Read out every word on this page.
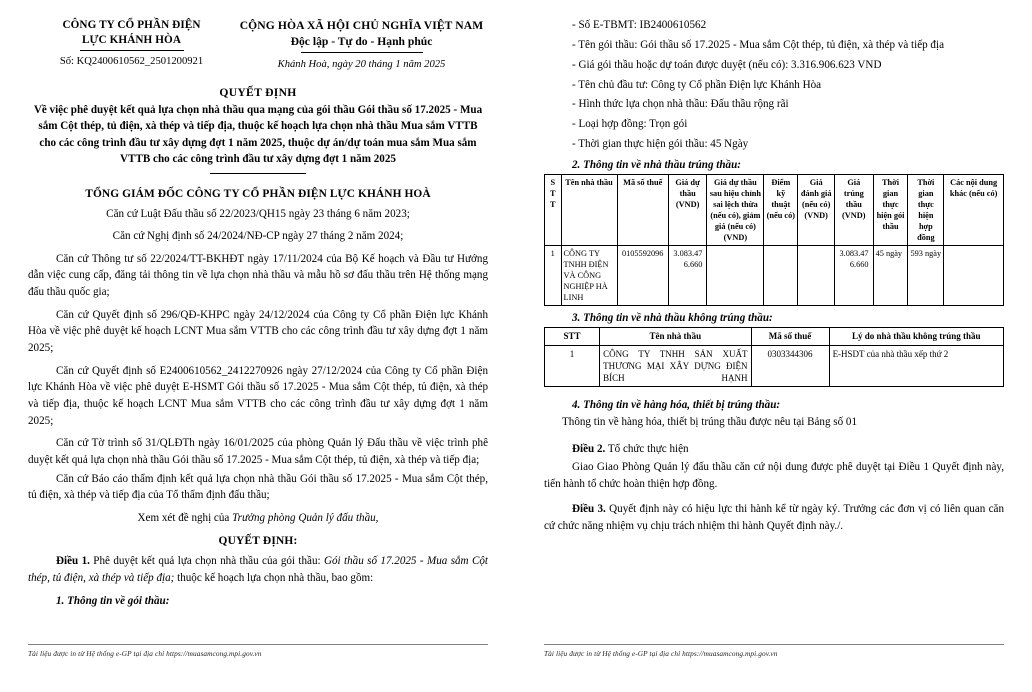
CÔNG TY CỔ PHẦN ĐIỆN
LỰC KHÁNH HÒA
Số: KQ2400610562_2501200921
CỘNG HÒA XÃ HỘI CHỦ NGHĨA VIỆT NAM
Độc lập - Tự do - Hạnh phúc
Khánh Hoà, ngày 20 tháng 1 năm 2025
QUYẾT ĐỊNH
Về việc phê duyệt kết quả lựa chọn nhà thầu qua mạng của gói thầu Gói thầu số 17.2025 - Mua sắm Cột thép, tủ điện, xà thép và tiếp địa, thuộc kế hoạch lựa chọn nhà thầu Mua sắm VTTB cho các công trình đầu tư xây dựng đợt 1 năm 2025, thuộc dự án/dự toán mua sắm Mua sắm VTTB cho các công trình đầu tư xây dựng đợt 1 năm 2025
TỔNG GIÁM ĐỐC CÔNG TY CỔ PHẦN ĐIỆN LỰC KHÁNH HOÀ

Căn cứ Luật Đấu thầu số 22/2023/QH15 ngày 23 tháng 6 năm 2023;

Căn cứ Nghị định số 24/2024/NĐ-CP ngày 27 tháng 2 năm 2024;

Căn cứ Thông tư số 22/2024/TT-BKHĐT ngày 17/11/2024 của Bộ Kế hoạch và Đầu tư Hướng dẫn việc cung cấp, đăng tải thông tin về lựa chọn nhà thầu và mẫu hồ sơ đấu thầu trên Hệ thống mạng đấu thầu quốc gia;

Căn cứ Quyết định số 296/QĐ-KHPC ngày 24/12/2024 của Công ty Cổ phần Điện lực Khánh Hòa về việc phê duyệt kế hoạch LCNT Mua sắm VTTB cho các công trình đầu tư xây dựng đợt 1 năm 2025;

Căn cứ Quyết định số E2400610562_2412270926 ngày 27/12/2024 của Công ty Cổ phần Điện lực Khánh Hòa về việc phê duyệt E-HSMT Gói thầu số 17.2025 - Mua sắm Cột thép, tủ điện, xà thép và tiếp địa, thuộc kế hoạch LCNT Mua sắm VTTB cho các công trình đầu tư xây dựng đợt 1 năm 2025;

Căn cứ Tờ trình số 31/QLĐTh ngày 16/01/2025 của phòng Quản lý Đấu thầu về việc trình phê duyệt kết quả lựa chọn nhà thầu Gói thầu số 17.2025 - Mua sắm Cột thép, tủ điện, xà thép và tiếp địa;

Căn cứ Báo cáo thẩm định kết quả lựa chọn nhà thầu Gói thầu số 17.2025 - Mua sắm Cột thép, tủ điện, xà thép và tiếp địa của Tổ thẩm định đấu thầu;

Xem xét đề nghị của Trưởng phòng Quản lý đấu thầu,

QUYẾT ĐỊNH:

Điều 1. Phê duyệt kết quả lựa chọn nhà thầu của gói thầu: Gói thầu số 17.2025 - Mua sắm Cột thép, tủ điện, xà thép và tiếp địa; thuộc kế hoạch lựa chọn nhà thầu, bao gồm:

1. Thông tin về gói thầu:

Tài liệu được in từ Hệ thống e-GP tại địa chỉ https://muasamcong.mpi.gov.vn

- Số E-TBMT: IB2400610562

- Tên gói thầu: Gói thầu số 17.2025 - Mua sắm Cột thép, tủ điện, xà thép và tiếp địa

- Giá gói thầu hoặc dự toán được duyệt (nếu có): 3.316.906.623 VND

- Tên chủ đầu tư: Công ty Cổ phần Điện lực Khánh Hòa

- Hình thức lựa chọn nhà thầu: Đấu thầu rộng rãi

- Loại hợp đồng: Trọn gói

- Thời gian thực hiện gói thầu: 45 Ngày

2. Thông tin về nhà thầu trúng thầu:

S T T	Tên nhà thầu	Mã số thuế	Giá dự thầu (VND)	Giá dự thầu sau hiệu chỉnh sai lệch thừa (nếu có), giảm giá (nếu có) (VND)	Điểm kỹ thuật (nếu có)	Giá đánh giá (nếu có) (VND)	Giá trúng thầu (VND)	Thời gian thực hiện gói thầu	Thời gian thực hiện hợp đồng	Các nội dung khác (nếu có)
1	CÔNG TY TNHH ĐIỆN VÀ CÔNG NGHIỆP HÀ LINH	0105592096	3.083.476.660				3.083.476.660	45 ngày	593 ngày	

3. Thông tin về nhà thầu không trúng thầu:

STT	Tên nhà thầu	Mã số thuế	Lý do nhà thầu không trúng thầu
1	CÔNG TY TNHH SẢN XUẤT THƯƠNG MẠI XÂY DỰNG ĐIỆN BÍCH HẠNH	0303344306	E-HSDT của nhà thầu xếp thứ 2

4. Thông tin về hàng hóa, thiết bị trúng thầu:

Thông tin về hàng hóa, thiết bị trúng thầu được nêu tại Bảng số 01

Điều 2. Tổ chức thực hiện

Giao Giao Phòng Quản lý đấu thầu căn cứ nội dung được phê duyệt tại Điều 1 Quyết định này, tiến hành tổ chức hoàn thiện hợp đồng.

Điều 3. Quyết định này có hiệu lực thi hành kể từ ngày ký. Trưởng các đơn vị có liên quan căn cứ chức năng nhiệm vụ chịu trách nhiệm thi hành Quyết định này./.

Tài liệu được in từ Hệ thống e-GP tại địa chỉ https://muasamcong.mpi.gov.vn
